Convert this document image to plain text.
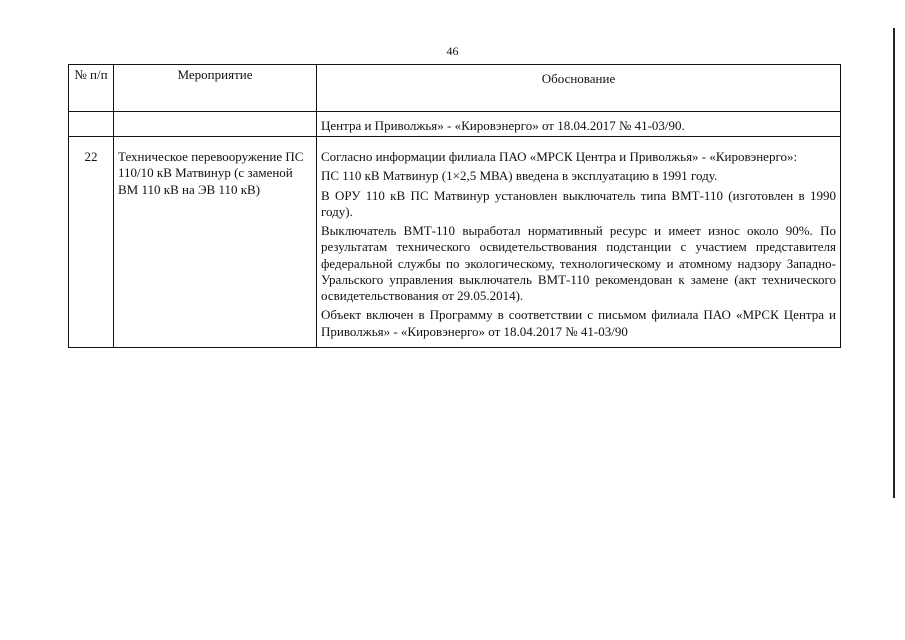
46
№ п/п	Мероприятие	Обоснование
		Центра и Приволжья» - «Кировэнерго» от 18.04.2017 № 41-03/90.
22	Техническое перевооружение ПС 110/10 кВ Матвинур (с заменой ВМ 110 кВ на ЭВ 110 кВ)	Согласно информации филиала ПАО «МРСК Центра и Приволжья» - «Кировэнерго»:

ПС 110 кВ Матвинур (1×2,5 МВА) введена в эксплуатацию в 1991 году.

В ОРУ 110 кВ ПС Матвинур установлен выключатель типа ВМТ-110 (изготовлен в 1990 году).

Выключатель ВМТ-110 выработал нормативный ресурс и имеет износ около 90%. По результатам технического освидетельствования подстанции с участием представителя федеральной службы по экологическому, технологическому и атомному надзору Западно-Уральского управления выключатель ВМТ-110 рекомендован к замене (акт технического освидетельствования от 29.05.2014).

Объект включен в Программу в соответствии с письмом филиала ПАО «МРСК Центра и Приволжья» - «Кировэнерго» от 18.04.2017 № 41-03/90
